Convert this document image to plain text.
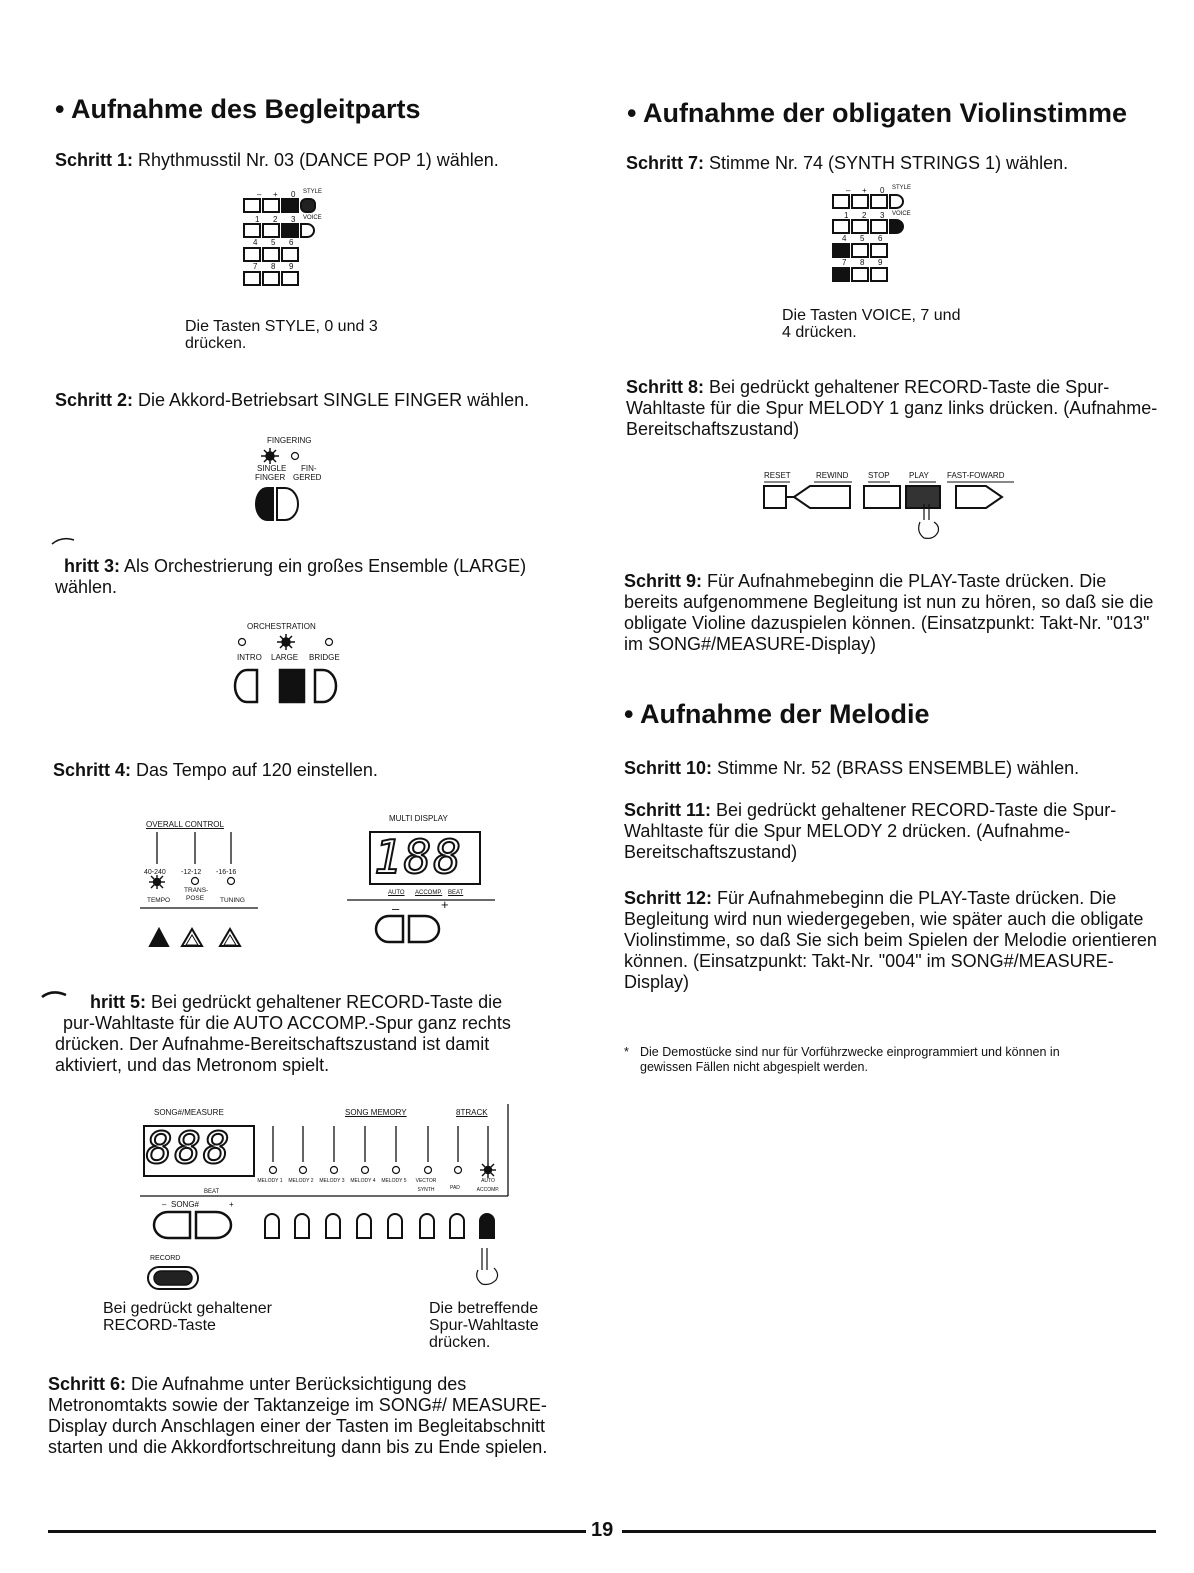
• Aufnahme des Begleitparts

Schritt 1: Rhythmusstil Nr. 03 (DANCE POP 1) wählen.

– + 0 STYLE
1 2 3 VOICE
4 5 6
7 8 9
Die Tasten STYLE, 0 und 3
drücken.

Schritt 2: Die Akkord-Betriebsart SINGLE FINGER wählen.

FINGERING
SINGLE
FINGER
FIN-
GERED

hritt 3: Als Orchestrierung ein großes Ensemble (LARGE) wählen.

ORCHESTRATION
INTRO LARGE BRIDGE

Schritt 4: Das Tempo auf 120 einstellen.

OVERALL CONTROL
40-240 -12-12 -16-16
TEMPO
TRANS-
POSE TUNING
MULTI DISPLAY
188
AUTO ACCOMP. BEAT
–	+
hritt 5: Bei gedrückt gehaltener RECORD-Taste die
pur-Wahltaste für die AUTO ACCOMP.-Spur ganz rechts
drücken. Der Aufnahme-Bereitschaftszustand ist damit
aktiviert, und das Metronom spielt.
SONG#/MEASURE	SONG MEMORY	8TRACK
888
BEAT
– SONG#	+
MELODY 1 MELODY 2 MELODY 3 MELODY 4 MELODY 5	VECTOR SYNTH	PAD
AUTO ACCOMP.
RECORD
Bei gedrückt gehaltener
RECORD-Taste
Die betreffende
Spur-Wahltaste
drücken.

Schritt 6: Die Aufnahme unter Berücksichtigung des Metronomtakts sowie der Taktanzeige im SONG#/ MEASURE-Display durch Anschlagen einer der Tasten im Begleitabschnitt starten und die Akkordfortschreitung dann bis zu Ende spielen.

• Aufnahme der obligaten Violinstimme

Schritt 7: Stimme Nr. 74 (SYNTH STRINGS 1) wählen.

– + 0 STYLE
1 2 3 VOICE
4 5 6
7 8 9
Die Tasten VOICE, 7 und
4 drücken.

Schritt 8: Bei gedrückt gehaltener RECORD-Taste die Spur-Wahltaste für die Spur MELODY 1 ganz links drücken. (Aufnahme-Bereitschaftszustand)

RESET	REWIND STOP PLAY FAST-FOWARD

Schritt 9: Für Aufnahmebeginn die PLAY-Taste drücken. Die bereits aufgenommene Begleitung ist nun zu hören, so daß sie die obligate Violine dazuspielen können. (Einsatzpunkt: Takt-Nr. "013" im SONG#/MEASURE-Display)

• Aufnahme der Melodie

Schritt 10: Stimme Nr. 52 (BRASS ENSEMBLE) wählen.

Schritt 11: Bei gedrückt gehaltener RECORD-Taste die Spur-Wahltaste für die Spur MELODY 2 drücken. (Aufnahme-Bereitschaftszustand)

Schritt 12: Für Aufnahmebeginn die PLAY-Taste drücken. Die Begleitung wird nun wiedergegeben, wie später auch die obligate Violinstimme, so daß Sie sich beim Spielen der Melodie orientieren können. (Einsatzpunkt: Takt-Nr. "004" im SONG#/MEASURE-Display)

* Die Demostücke sind nur für Vorführzwecke einprogrammiert und können in gewissen Fällen nicht abgespielt werden.

19
